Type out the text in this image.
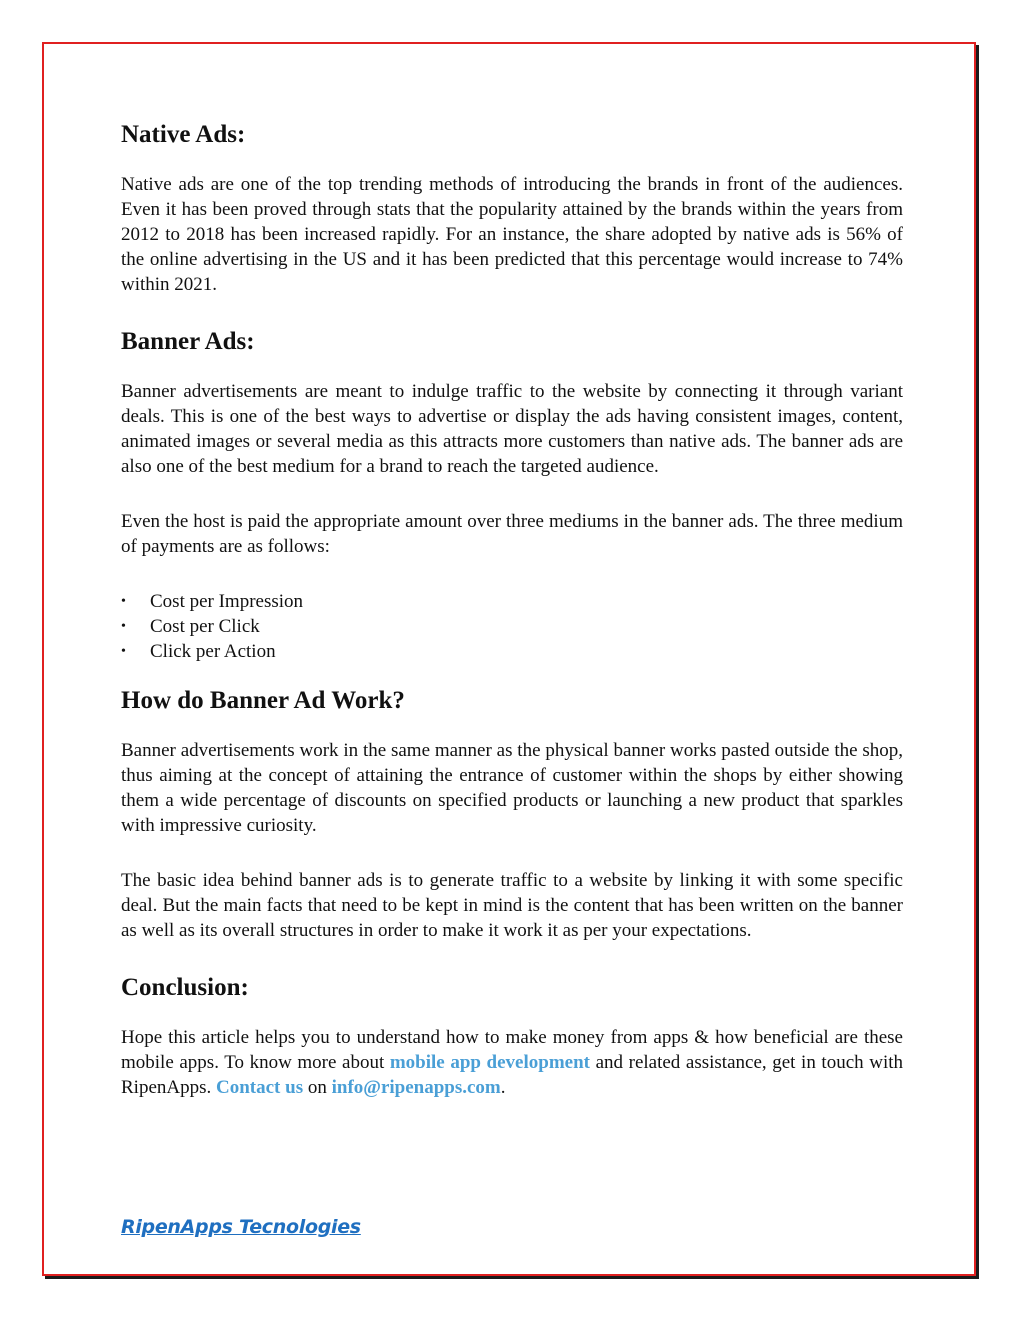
Native Ads:

Native ads are one of the top trending methods of introducing the brands in front of the audiences. Even it has been proved through stats that the popularity attained by the brands within the years from 2012 to 2018 has been increased rapidly. For an instance, the share adopted by native ads is 56% of the online advertising in the US and it has been predicted that this percentage would increase to 74% within 2021.

Banner Ads:

Banner advertisements are meant to indulge traffic to the website by connecting it through variant deals. This is one of the best ways to advertise or display the ads having consistent images, content, animated images or several media as this attracts more customers than native ads. The banner ads are also one of the best medium for a brand to reach the targeted audience.

Even the host is paid the appropriate amount over three mediums in the banner ads. The three medium of payments are as follows:

• Cost per Impression
• Cost per Click
• Click per Action
How do Banner Ad Work?

Banner advertisements work in the same manner as the physical banner works pasted outside the shop, thus aiming at the concept of attaining the entrance of customer within the shops by either showing them a wide percentage of discounts on specified products or launching a new product that sparkles with impressive curiosity.

The basic idea behind banner ads is to generate traffic to a website by linking it with some specific deal. But the main facts that need to be kept in mind is the content that has been written on the banner as well as its overall structures in order to make it work it as per your expectations.

Conclusion:

Hope this article helps you to understand how to make money from apps & how beneficial are these mobile apps. To know more about mobile app development and related assistance, get in touch with RipenApps. Contact us on info@ripenapps.com.

RipenApps Tecnologies
